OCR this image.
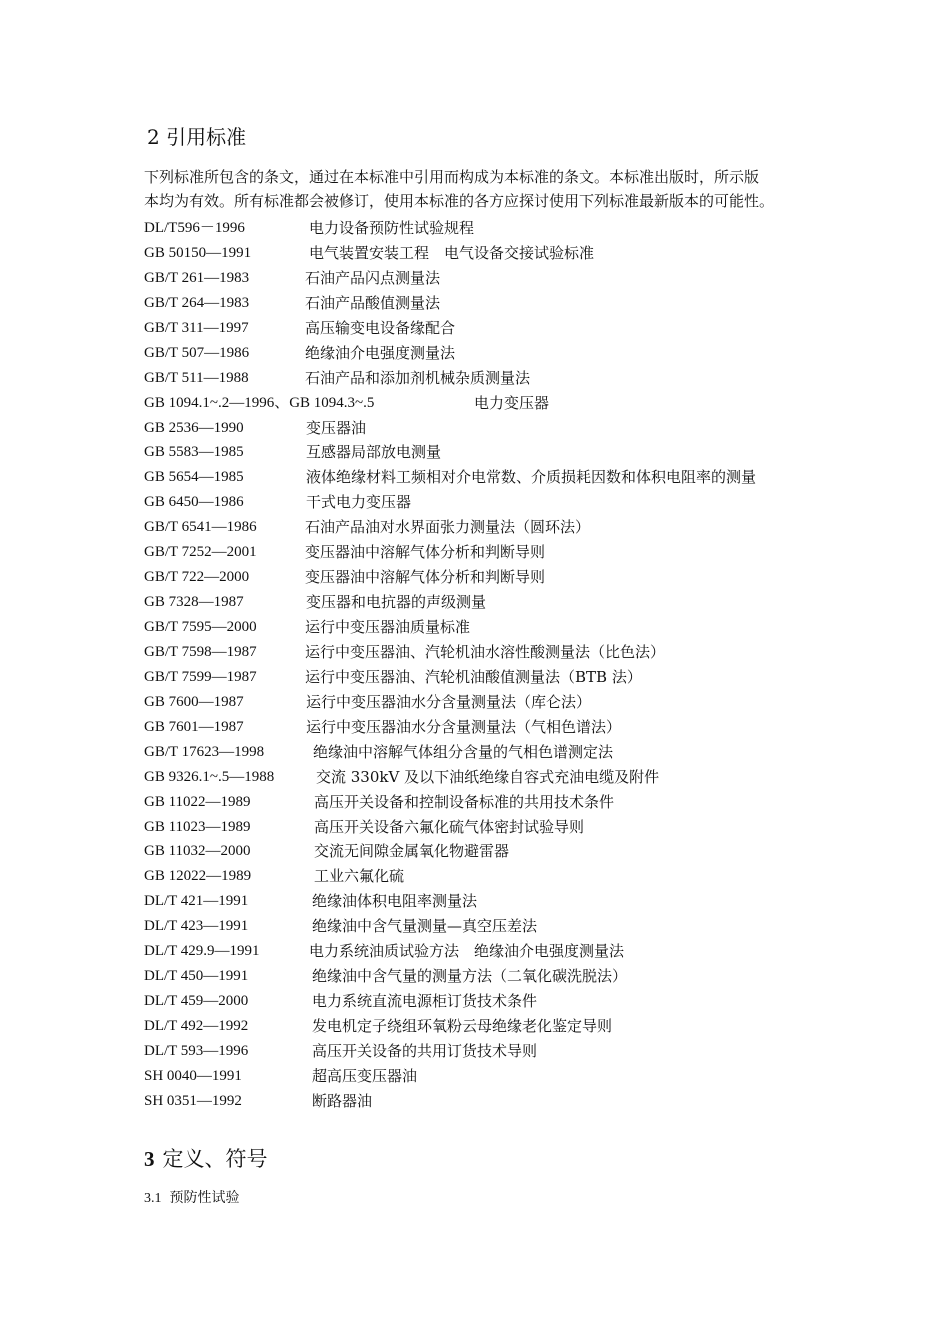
2 引用标准

下列标准所包含的条文，通过在本标准中引用而构成为本标准的条文。本标准出版时，所示版

本均为有效。所有标准都会被修订，使用本标准的各方应探讨使用下列标准最新版本的可能性。

DL/T596－1996	电力设备预防性试验规程
GB 50150—1991	电气装置安装工程　电气设备交接试验标准
GB/T 261—1983	石油产品闪点测量法
GB/T 264—1983	石油产品酸值测量法
GB/T 311—1997	高压输变电设备缘配合
GB/T 507—1986	绝缘油介电强度测量法
GB/T 511—1988	石油产品和添加剂机械杂质测量法
GB 1094.1~.2—1996、GB 1094.3~.5	电力变压器
GB 2536—1990	变压器油
GB 5583—1985	互感器局部放电测量
GB 5654—1985	液体绝缘材料工频相对介电常数、介质损耗因数和体积电阻率的测量
GB 6450—1986	干式电力变压器
GB/T 6541—1986	石油产品油对水界面张力测量法（圆环法）
GB/T 7252—2001	变压器油中溶解气体分析和判断导则
GB/T 722—2000	变压器油中溶解气体分析和判断导则
GB 7328—1987	变压器和电抗器的声级测量
GB/T 7595—2000	运行中变压器油质量标准
GB/T 7598—1987	运行中变压器油、汽轮机油水溶性酸测量法（比色法）
GB/T 7599—1987	运行中变压器油、汽轮机油酸值测量法（BTB 法）
GB 7600—1987	运行中变压器油水分含量测量法（库仑法）
GB 7601—1987	运行中变压器油水分含量测量法（气相色谱法）
GB/T 17623—1998	绝缘油中溶解气体组分含量的气相色谱测定法
GB 9326.1~.5—1988	交流 330kV 及以下油纸绝缘自容式充油电缆及附件
GB 11022—1989	高压开关设备和控制设备标准的共用技术条件
GB 11023—1989	高压开关设备六氟化硫气体密封试验导则
GB 11032—2000	交流无间隙金属氧化物避雷器
GB 12022—1989	工业六氟化硫
DL/T 421—1991	绝缘油体积电阻率测量法
DL/T 423—1991	绝缘油中含气量测量—真空压差法
DL/T 429.9—1991	电力系统油质试验方法　绝缘油介电强度测量法
DL/T 450—1991	绝缘油中含气量的测量方法（二氧化碳洗脱法）
DL/T 459—2000	电力系统直流电源柜订货技术条件
DL/T 492—1992	发电机定子绕组环氧粉云母绝缘老化鉴定导则
DL/T 593—1996	高压开关设备的共用订货技术导则
SH 0040—1991	超高压变压器油
SH 0351—1992	断路器油
3 定义、符号

3.1 预防性试验
